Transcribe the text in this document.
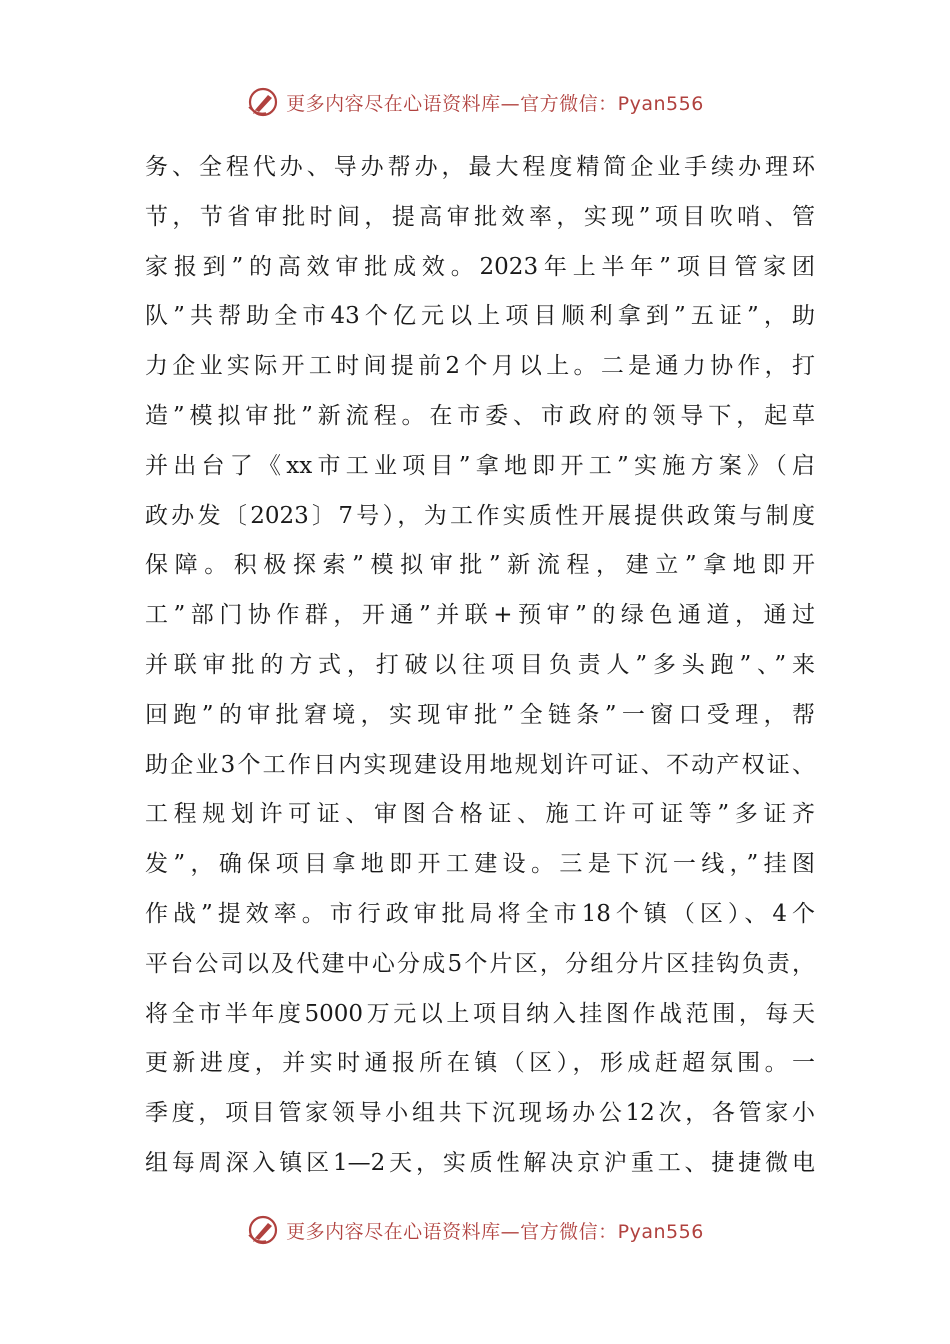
更多内容尽在心语资料库—官方微信：Pyan556
务、全程代办、导办帮办，最大程度精简企业手续办理环
节，节省审批时间，提高审批效率，实现”项目吹哨、管
家报到”的高效审批成效。2023年上半年”项目管家团
队”共帮助全市43个亿元以上项目顺利拿到”五证”，助
力企业实际开工时间提前2个月以上。二是通力协作，打
造”模拟审批”新流程。在市委、市政府的领导下，起草
并出台了《xx市工业项目”拿地即开工”实施方案》（启
政办发〔2023〕7号），为工作实质性开展提供政策与制度
保障。积极探索”模拟审批”新流程，建立”拿地即开
工”部门协作群，开通”并联+预审”的绿色通道，通过
并联审批的方式，打破以往项目负责人”多头跑”、”来
回跑”的审批窘境，实现审批”全链条”一窗口受理，帮
助企业3个工作日内实现建设用地规划许可证、不动产权证、
工程规划许可证、审图合格证、施工许可证等”多证齐
发”，确保项目拿地即开工建设。三是下沉一线，”挂图
作战”提效率。市行政审批局将全市18个镇（区）、4个
平台公司以及代建中心分成5个片区，分组分片区挂钩负责，
将全市半年度5000万元以上项目纳入挂图作战范围，每天
更新进度，并实时通报所在镇（区），形成赶超氛围。一
季度，项目管家领导小组共下沉现场办公12次，各管家小
组每周深入镇区1—2天，实质性解决京沪重工、捷捷微电
更多内容尽在心语资料库—官方微信：Pyan556
